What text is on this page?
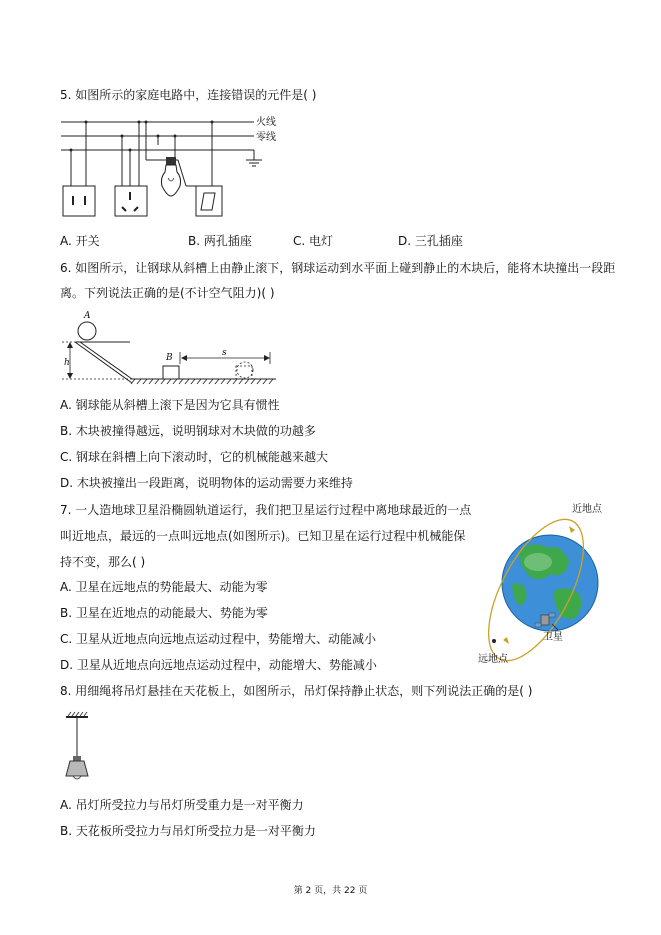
5. 如图所示的家庭电路中，连接错误的元件是( )
火线
零线
A. 开关	B. 两孔插座	C. 电灯	D. 三孔插座
6. 如图所示，让钢球从斜槽上由静止滚下，钢球运动到水平面上碰到静止的木块后，能将木块撞出一段距
离。下列说法正确的是(不计空气阻力)( )
A
h	B	s
A. 钢球能从斜槽上滚下是因为它具有惯性
B. 木块被撞得越远，说明钢球对木块做的功越多
C. 钢球在斜槽上向下滚动时，它的机械能越来越大
D. 木块被撞出一段距离，说明物体的运动需要力来维持
7. 一人造地球卫星沿椭圆轨道运行，我们把卫星运行过程中离地球最近的一点
叫近地点，最远的一点叫远地点(如图所示)。已知卫星在运行过程中机械能保
持不变，那么( )
近地点
远地点
卫星
A. 卫星在远地点的势能最大、动能为零
B. 卫星在近地点的动能最大、势能为零
C. 卫星从近地点向远地点运动过程中，势能增大、动能减小
D. 卫星从近地点向远地点运动过程中，动能增大、势能减小
8. 用细绳将吊灯悬挂在天花板上，如图所示，吊灯保持静止状态，则下列说法正确的是( )
A. 吊灯所受拉力与吊灯所受重力是一对平衡力
B. 天花板所受拉力与吊灯所受拉力是一对平衡力
第 2 页，共 22 页
